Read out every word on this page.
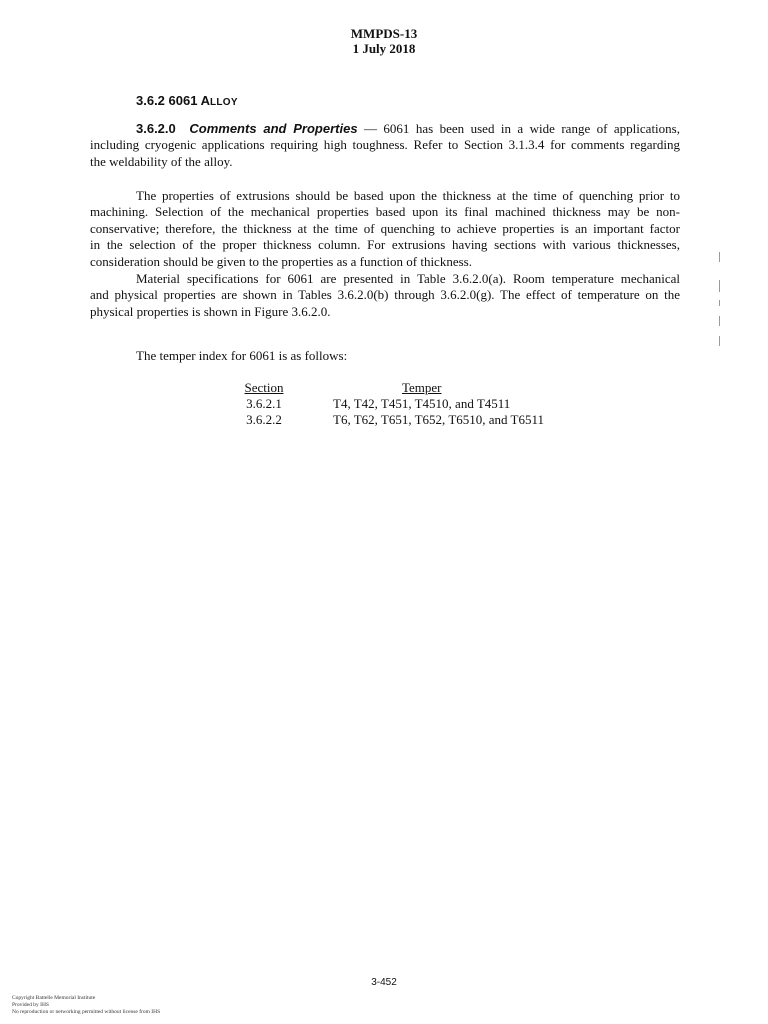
MMPDS-13
1 July 2018
3.6.2 6061 ALLOY
3.6.2.0 Comments and Properties — 6061 has been used in a wide range of applications,
including cryogenic applications requiring high toughness. Refer to Section 3.1.3.4 for comments regarding
the weldability of the alloy.
The properties of extrusions should be based upon the thickness at the time of quenching prior to
machining. Selection of the mechanical properties based upon its final machined thickness may be non-
conservative; therefore, the thickness at the time of quenching to achieve properties is an important factor
in the selection of the proper thickness column. For extrusions having sections with various thicknesses,
consideration should be given to the properties as a function of thickness.
Material specifications for 6061 are presented in Table 3.6.2.0(a). Room temperature mechanical
and physical properties are shown in Tables 3.6.2.0(b) through 3.6.2.0(g). The effect of temperature on the
physical properties is shown in Figure 3.6.2.0.
The temper index for 6061 is as follows:
Section	Temper
3.6.2.1	T4, T42, T451, T4510, and T4511
3.6.2.2	T6, T62, T651, T652, T6510, and T6511
3-452
Copyright Battelle Memorial Institute
Provided by IHS
No reproduction or networking permitted without license from IHS
